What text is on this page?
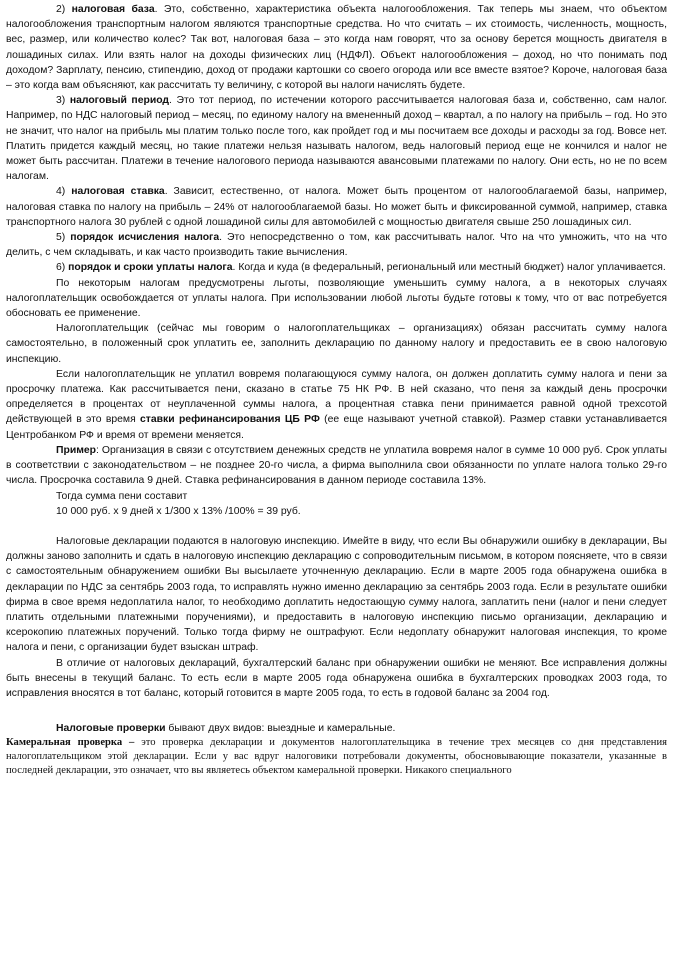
2) налоговая база. Это, собственно, характеристика объекта налогообложения. Так теперь мы знаем, что объектом налогообложения транспортным налогом являются транспортные средства. Но что считать – их стоимость, численность, мощность, вес, размер, или количество колес? Так вот, налоговая база – это когда нам говорят, что за основу берется мощность двигателя в лошадиных силах. Или взять налог на доходы физических лиц (НДФЛ). Объект налогообложения – доход, но что понимать под доходом? Зарплату, пенсию, стипендию, доход от продажи картошки со своего огорода или все вместе взятое? Короче, налоговая база – это когда вам объясняют, как рассчитать ту величину, с которой вы налоги начислять будете.

3) налоговый период. Это тот период, по истечении которого рассчитывается налоговая база и, собственно, сам налог. Например, по НДС налоговый период – месяц, по единому налогу на вмененный доход – квартал, а по налогу на прибыль – год. Но это не значит, что налог на прибыль мы платим только после того, как пройдет год и мы посчитаем все доходы и расходы за год. Вовсе нет. Платить придется каждый месяц, но такие платежи нельзя называть налогом, ведь налоговый период еще не кончился и налог не может быть рассчитан. Платежи в течение налогового периода называются авансовыми платежами по налогу. Они есть, но не по всем налогам.

4) налоговая ставка. Зависит, естественно, от налога. Может быть процентом от налогооблагаемой базы, например, налоговая ставка по налогу на прибыль – 24% от налогооблагаемой базы. Но может быть и фиксированной суммой, например, ставка транспортного налога 30 рублей с одной лошадиной силы для автомобилей с мощностью двигателя свыше 250 лошадиных сил.

5) порядок исчисления налога. Это непосредственно о том, как рассчитывать налог. Что на что умножить, что на что делить, с чем складывать, и как часто производить такие вычисления.

6) порядок и сроки уплаты налога. Когда и куда (в федеральный, региональный или местный бюджет) налог уплачивается.

По некоторым налогам предусмотрены льготы, позволяющие уменьшить сумму налога, а в некоторых случаях налогоплательщик освобождается от уплаты налога. При использовании любой льготы будьте готовы к тому, что от вас потребуется обосновать ее применение.

Налогоплательщик (сейчас мы говорим о налогоплательщиках – организациях) обязан рассчитать сумму налога самостоятельно, в положенный срок уплатить ее, заполнить декларацию по данному налогу и предоставить ее в свою налоговую инспекцию.

Если налогоплательщик не уплатил вовремя полагающуюся сумму налога, он должен доплатить сумму налога и пени за просрочку платежа. Как рассчитывается пени, сказано в статье 75 НК РФ. В ней сказано, что пеня за каждый день просрочки определяется в процентах от неуплаченной суммы налога, а процентная ставка пени принимается равной одной трехсотой действующей в это время ставки рефинансирования ЦБ РФ (ее еще называют учетной ставкой). Размер ставки устанавливается Центробанком РФ и время от времени меняется.

Пример: Организация в связи с отсутствием денежных средств не уплатила вовремя налог в сумме 10 000 руб. Срок уплаты в соответствии с законодательством – не позднее 20-го числа, а фирма выполнила свои обязанности по уплате налога только 29-го числа. Просрочка составила 9 дней. Ставка рефинансирования в данном периоде составила 13%.

Тогда сумма пени составит

10 000 руб. х 9 дней х 1/300 х 13% /100% = 39 руб.

Налоговые декларации подаются в налоговую инспекцию. Имейте в виду, что если Вы обнаружили ошибку в декларации, Вы должны заново заполнить и сдать в налоговую инспекцию декларацию с сопроводительным письмом, в котором поясняете, что в связи с самостоятельным обнаружением ошибки Вы высылаете уточненную декларацию. Если в марте 2005 года обнаружена ошибка в декларации по НДС за сентябрь 2003 года, то исправлять нужно именно декларацию за сентябрь 2003 года. Если в результате ошибки фирма в свое время недоплатила налог, то необходимо доплатить недостающую сумму налога, заплатить пени (налог и пени следует платить отдельными платежными поручениями), и предоставить в налоговую инспекцию письмо организации, декларацию и ксерокопию платежных поручений. Только тогда фирму не оштрафуют. Если недоплату обнаружит налоговая инспекция, то кроме налога и пени, с организации будет взыскан штраф.

В отличие от налоговых деклараций, бухгалтерский баланс при обнаружении ошибки не меняют. Все исправления должны быть внесены в текущий баланс. То есть если в марте 2005 года обнаружена ошибка в бухгалтерских проводках 2003 года, то исправления вносятся в тот баланс, который готовится в марте 2005 года, то есть в годовой баланс за 2004 год.

Налоговые проверки бывают двух видов: выездные и камеральные.

Камеральная проверка – это проверка декларации и документов налогоплательщика в течение трех месяцев со дня представления налогоплательщиком этой декларации. Если у вас вдруг налоговики потребовали документы, обосновывающие показатели, указанные в последней декларации, это означает, что вы являетесь объектом камеральной проверки. Никакого специального
